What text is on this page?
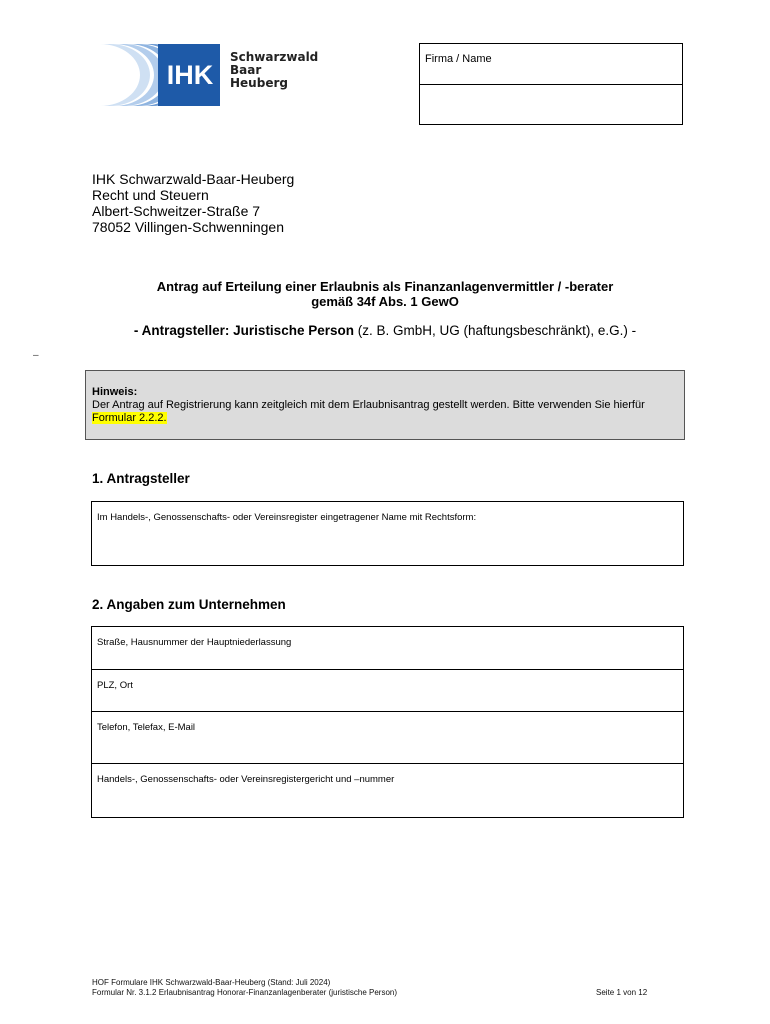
IHK
Schwarzwald
Baar
Heuberg
Firma / Name
IHK Schwarzwald-Baar-Heuberg
Recht und Steuern
Albert-Schweitzer-Straße 7
78052 Villingen-Schwenningen
Antrag auf Erteilung einer Erlaubnis als Finanzanlagenvermittler / -berater
gemäß 34f Abs. 1 GewO
- Antragsteller: Juristische Person (z. B. GmbH, UG (haftungsbeschränkt), e.G.) -
–
Hinweis:
Der Antrag auf Registrierung kann zeitgleich mit dem Erlaubnisantrag gestellt werden. Bitte verwenden Sie hierfür
Formular 2.2.2.
1. Antragsteller
Im Handels-, Genossenschafts- oder Vereinsregister eingetragener Name mit Rechtsform:
2. Angaben zum Unternehmen
Straße, Hausnummer der Hauptniederlassung
PLZ, Ort
Telefon, Telefax, E-Mail
Handels-, Genossenschafts- oder Vereinsregistergericht und –nummer
HOF Formulare IHK Schwarzwald-Baar-Heuberg (Stand: Juli 2024)
Formular Nr. 3.1.2 Erlaubnisantrag Honorar-Finanzanlagenberater (juristische Person)	Seite 1 von 12
